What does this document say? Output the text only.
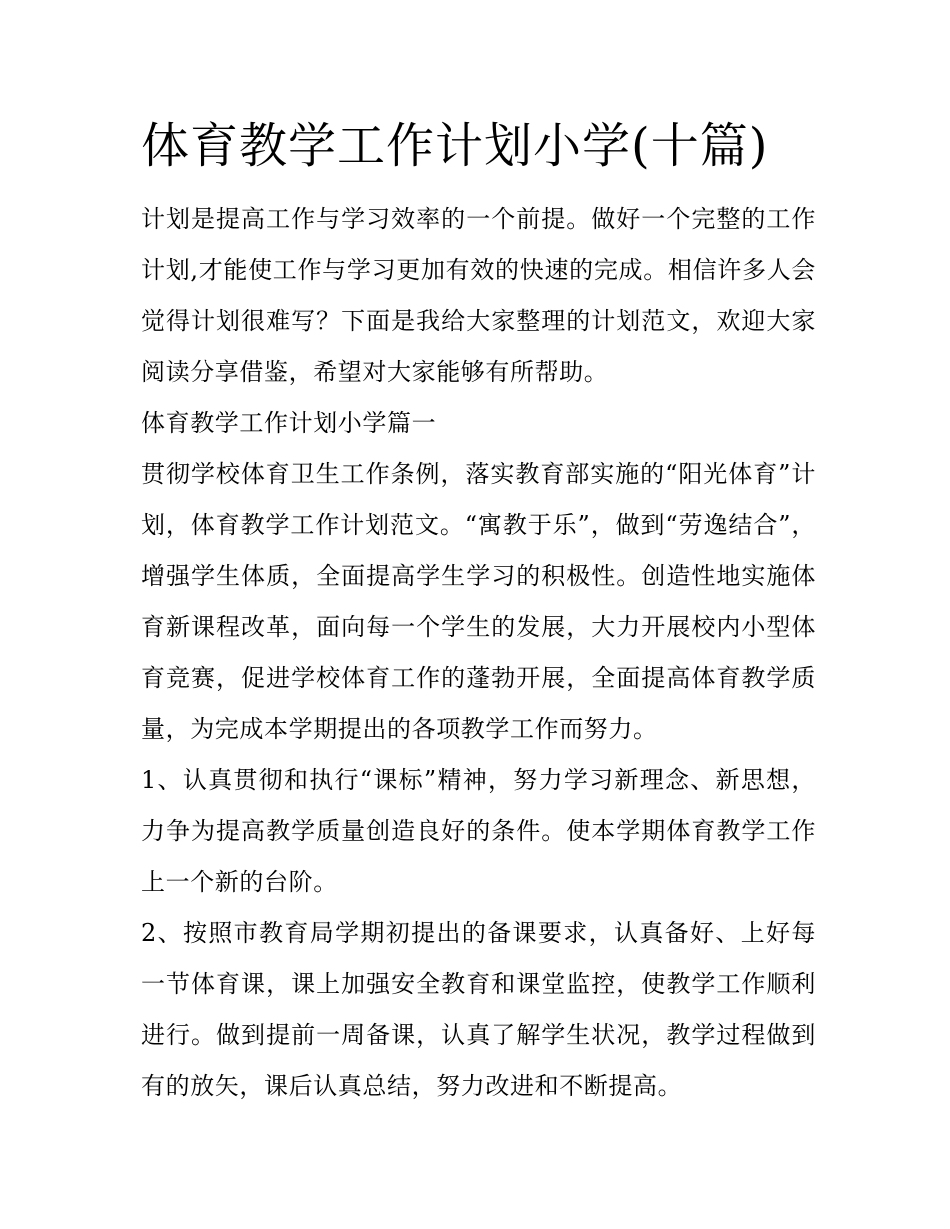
体育教学工作计划小学(十篇)

计划是提高工作与学习效率的一个前提。做好一个完整的工作计划,才能使工作与学习更加有效的快速的完成。相信许多人会觉得计划很难写？下面是我给大家整理的计划范文，欢迎大家阅读分享借鉴，希望对大家能够有所帮助。

体育教学工作计划小学篇一

贯彻学校体育卫生工作条例，落实教育部实施的“阳光体育”计划，体育教学工作计划范文。“寓教于乐”，做到“劳逸结合”，增强学生体质，全面提高学生学习的积极性。创造性地实施体育新课程改革，面向每一个学生的发展，大力开展校内小型体育竞赛，促进学校体育工作的蓬勃开展，全面提高体育教学质量，为完成本学期提出的各项教学工作而努力。

1、认真贯彻和执行“课标”精神，努力学习新理念、新思想，力争为提高教学质量创造良好的条件。使本学期体育教学工作上一个新的台阶。

2、按照市教育局学期初提出的备课要求，认真备好、上好每一节体育课，课上加强安全教育和课堂监控，使教学工作顺利进行。做到提前一周备课，认真了解学生状况，教学过程做到有的放矢，课后认真总结，努力改进和不断提高。
